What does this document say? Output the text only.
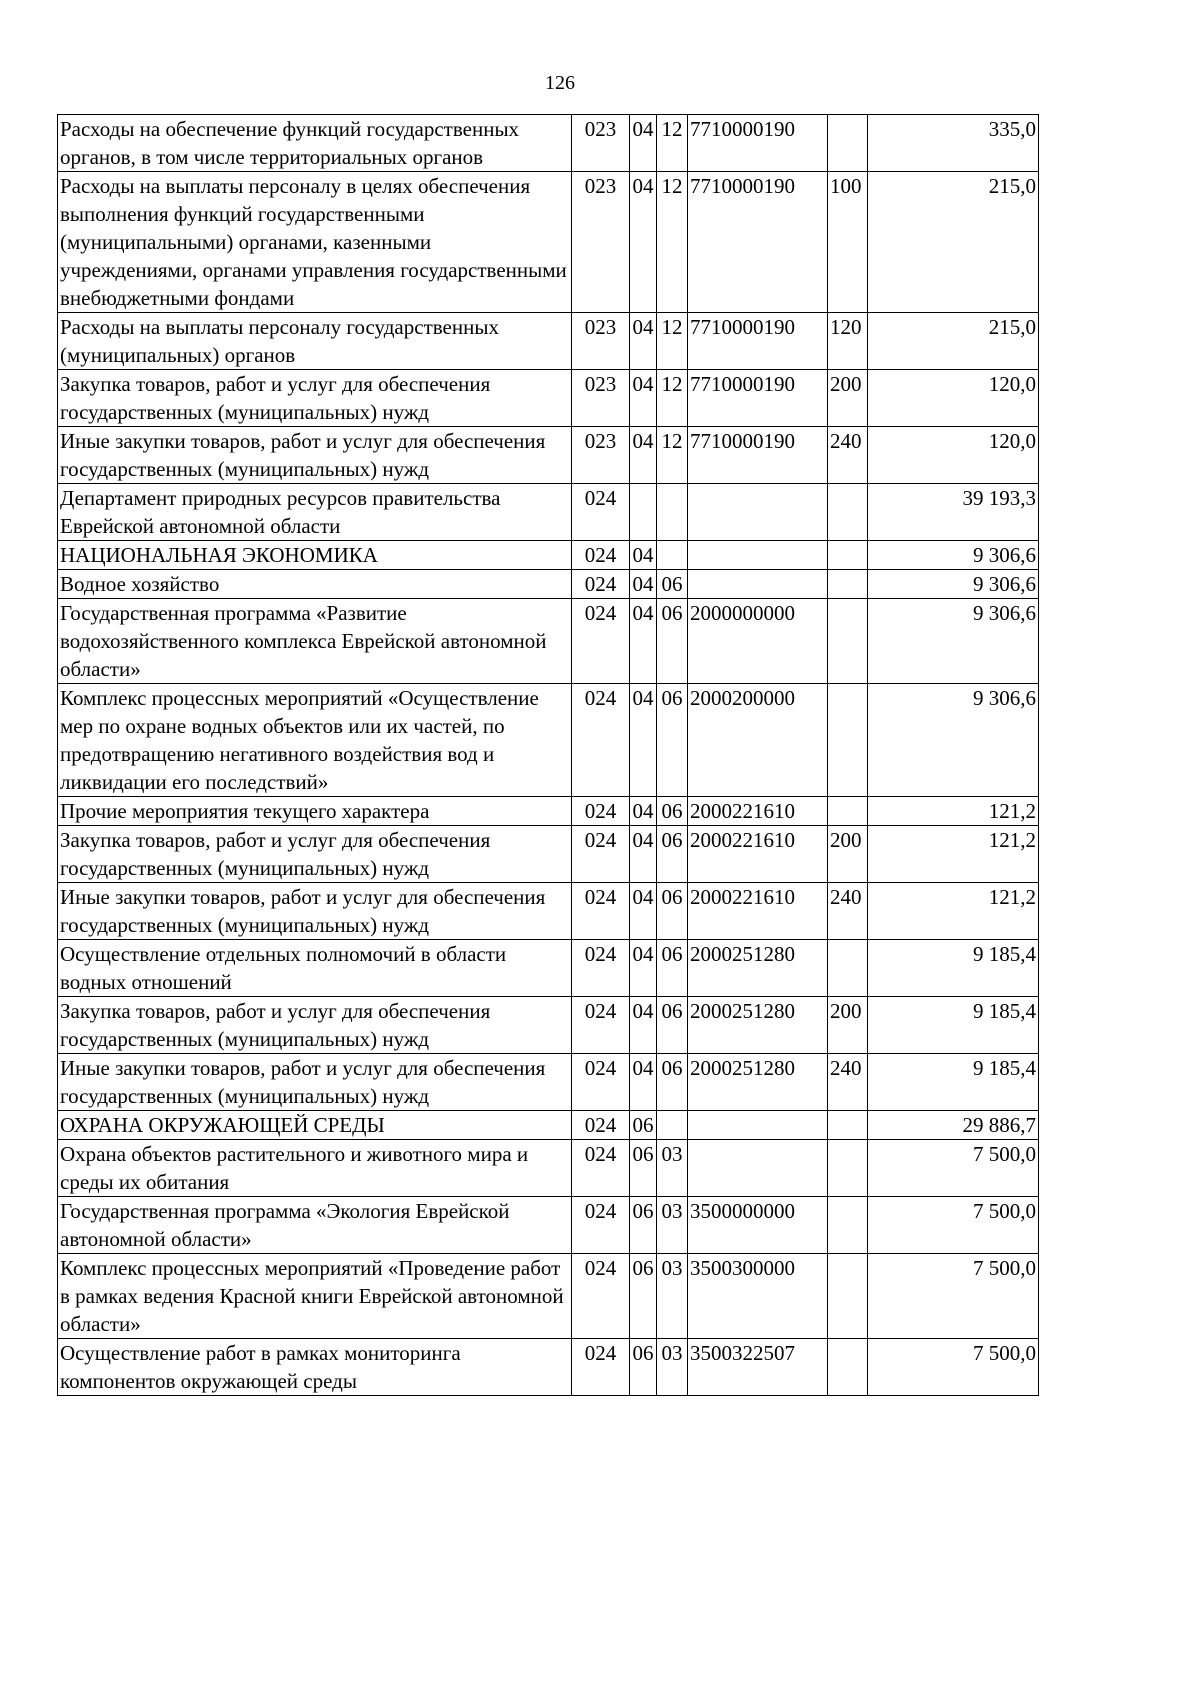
126
Расходы на обеспечение функций государственных органов, в том числе территориальных органов	023	04	12	7710000190		335,0
Расходы на выплаты персоналу в целях обеспечения выполнения функций государственными (муниципальными) органами, казенными учреждениями, органами управления государственными внебюджетными фондами	023	04	12	7710000190	100	215,0
Расходы на выплаты персоналу государственных (муниципальных) органов	023	04	12	7710000190	120	215,0
Закупка товаров, работ и услуг для обеспечения государственных (муниципальных) нужд	023	04	12	7710000190	200	120,0
Иные закупки товаров, работ и услуг для обеспечения государственных (муниципальных) нужд	023	04	12	7710000190	240	120,0
Департамент природных ресурсов правительства Еврейской автономной области	024					39 193,3
НАЦИОНАЛЬНАЯ ЭКОНОМИКА	024	04				9 306,6
Водное хозяйство	024	04	06			9 306,6
Государственная программа «Развитие водохозяйственного комплекса Еврейской автономной области»	024	04	06	2000000000		9 306,6
Комплекс процессных мероприятий «Осуществление мер по охране водных объектов или их частей, по предотвращению негативного воздействия вод и ликвидации его последствий»	024	04	06	2000200000		9 306,6
Прочие мероприятия текущего характера	024	04	06	2000221610		121,2
Закупка товаров, работ и услуг для обеспечения государственных (муниципальных) нужд	024	04	06	2000221610	200	121,2
Иные закупки товаров, работ и услуг для обеспечения государственных (муниципальных) нужд	024	04	06	2000221610	240	121,2
Осуществление отдельных полномочий в области водных отношений	024	04	06	2000251280		9 185,4
Закупка товаров, работ и услуг для обеспечения государственных (муниципальных) нужд	024	04	06	2000251280	200	9 185,4
Иные закупки товаров, работ и услуг для обеспечения государственных (муниципальных) нужд	024	04	06	2000251280	240	9 185,4
ОХРАНА ОКРУЖАЮЩЕЙ СРЕДЫ	024	06				29 886,7
Охрана объектов растительного и животного мира и среды их обитания	024	06	03			7 500,0
Государственная программа «Экология Еврейской автономной области»	024	06	03	3500000000		7 500,0
Комплекс процессных мероприятий «Проведение работ в рамках ведения Красной книги Еврейской автономной области»	024	06	03	3500300000		7 500,0
Осуществление работ в рамках мониторинга компонентов окружающей среды	024	06	03	3500322507		7 500,0
